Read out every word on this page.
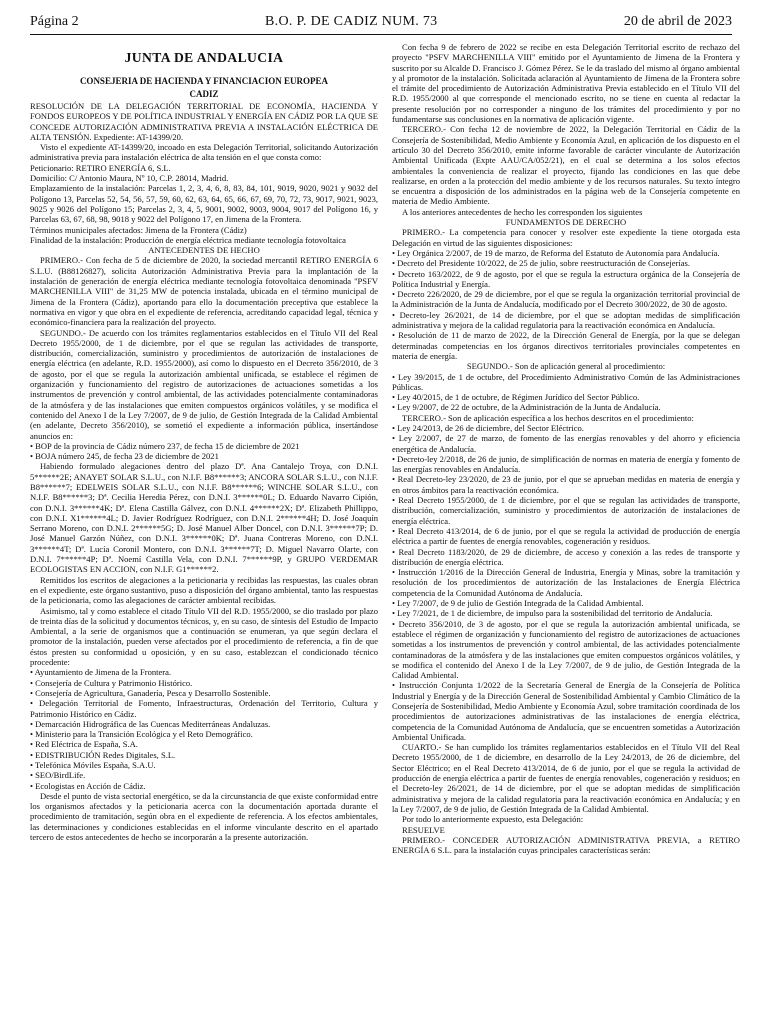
Página 2	B.O. P. DE CADIZ NUM. 73	20 de abril de 2023
JUNTA DE ANDALUCIA
CONSEJERIA DE HACIENDA Y FINANCIACION EUROPEA
CADIZ

RESOLUCIÓN DE LA DELEGACIÓN TERRITORIAL DE ECONOMÍA, HACIENDA Y FONDOS EUROPEOS Y DE POLÍTICA INDUSTRIAL Y ENERGÍA EN CÁDIZ POR LA QUE SE CONCEDE AUTORIZACIÓN ADMINISTRATIVA PREVIA A INSTALACIÓN ELÉCTRICA DE ALTA TENSIÓN. Expediente: AT-14399/20.

Visto el expediente AT-14399/20, incoado en esta Delegación Territorial, solicitando Autorización administrativa previa para instalación eléctrica de alta tensión en el que consta como:

Peticionario: RETIRO ENERGÍA 6, S.L.

Domicilio: C/ Antonio Maura, Nº 10, C.P. 28014, Madrid.

Emplazamiento de la instalación: Parcelas 1, 2, 3, 4, 6, 8, 83, 84, 101, 9019, 9020, 9021 y 9032 del Polígono 13, Parcelas 52, 54, 56, 57, 59, 60, 62, 63, 64, 65, 66, 67, 69, 70, 72, 73, 9017, 9021, 9023, 9025 y 9026 del Polígono 15; Parcelas 2, 3, 4, 5, 9001, 9002, 9003, 9004, 9017 del Polígono 16, y Parcelas 63, 67, 68, 98, 9018 y 9022 del Polígono 17, en Jimena de la Frontera.

Términos municipales afectados: Jimena de la Frontera (Cádiz)

Finalidad de la instalación: Producción de energía eléctrica mediante tecnología fotovoltaica

ANTECEDENTES DE HECHO

PRIMERO.- Con fecha de 5 de diciembre de 2020, la sociedad mercantil RETIRO ENERGÍA 6 S.L.U. (B88126827), solicita Autorización Administrativa Previa para la implantación de la instalación de generación de energía eléctrica mediante tecnología fotovoltaica denominada "PSFV MARCHENILLA VIII" de 31,25 MW de potencia instalada, ubicada en el término municipal de Jimena de la Frontera (Cádiz), aportando para ello la documentación preceptiva que establece la normativa en vigor y que obra en el expediente de referencia, acreditando capacidad legal, técnica y económico-financiera para la realización del proyecto.

SEGUNDO.- De acuerdo con los trámites reglamentarios establecidos en el Título VII del Real Decreto 1955/2000, de 1 de diciembre, por el que se regulan las actividades de transporte, distribución, comercialización, suministro y procedimientos de autorización de instalaciones de energía eléctrica (en adelante, R.D. 1955/2000), así como lo dispuesto en el Decreto 356/2010, de 3 de agosto, por el que se regula la autorización ambiental unificada, se establece el régimen de organización y funcionamiento del registro de autorizaciones de actuaciones sometidas a los instrumentos de prevención y control ambiental, de las actividades potencialmente contaminadoras de la atmósfera y de las instalaciones que emiten compuestos orgánicos volátiles, y se modifica el contenido del Anexo I de la Ley 7/2007, de 9 de julio, de Gestión Integrada de la Calidad Ambiental (en adelante, Decreto 356/2010), se sometió el expediente a información pública, insertándose anuncios en:

• BOP de la provincia de Cádiz número 237, de fecha 15 de diciembre de 2021

• BOJA número 245, de fecha 23 de diciembre de 2021

Habiendo formulado alegaciones dentro del plazo Dª. Ana Cantalejo Troya, con D.N.I. 5******2E; ANAYET SOLAR S.L.U., con N.I.F. B8******3; ANCORA SOLAR S.L.U., con N.I.F. B8******7; EDELWEIS SOLAR S.L.U., con N.I.F. B8******6; WINCHE SOLAR S.L.U., con N.I.F. B8******3; Dª. Cecilia Heredia Pérez, con D.N.I. 3******0L; D. Eduardo Navarro Cipión, con D.N.I. 3******4K; Dª. Elena Castilla Gálvez, con D.N.I. 4******2X; Dª. Elizabeth Phillippo, con D.N.I. X1******4L; D. Javier Rodríguez Rodríguez, con D.N.I. 2******4H; D. José Joaquín Serrano Moreno, con D.N.I. 2******5G; D. José Manuel Alber Doncel, con D.N.I. 3******7P; D. José Manuel Garzón Núñez, con D.N.I. 3******0K; Dª. Juana Contreras Moreno, con D.N.I. 3******4T; Dª. Lucía Coronil Montero, con D.N.I. 3******7T; D. Miguel Navarro Olarte, con D.N.I. 7******4P; Dª. Noemí Castilla Vela, con D.N.I. 7******9P, y GRUPO VERDEMAR ECOLOGISTAS EN ACCION, con N.I.F. G1******2.

Remitidos los escritos de alegaciones a la peticionaria y recibidas las respuestas, las cuales obran en el expediente, este órgano sustantivo, puso a disposición del órgano ambiental, tanto las respuestas de la peticionaria, como las alegaciones de carácter ambiental recibidas.

Asimismo, tal y como establece el citado Título VII del R.D. 1955/2000, se dio traslado por plazo de treinta días de la solicitud y documentos técnicos, y, en su caso, de síntesis del Estudio de Impacto Ambiental, a la serie de organismos que a continuación se enumeran, ya que según declara el promotor de la instalación, pueden verse afectados por el procedimiento de referencia, a fin de que éstos presten su conformidad u oposición, y en su caso, establezcan el condicionado técnico procedente:

• Ayuntamiento de Jimena de la Frontera.

• Consejería de Cultura y Patrimonio Histórico.

• Consejería de Agricultura, Ganadería, Pesca y Desarrollo Sostenible.

• Delegación Territorial de Fomento, Infraestructuras, Ordenación del Territorio, Cultura y Patrimonio Histórico en Cádiz.

• Demarcación Hidrográfica de las Cuencas Mediterráneas Andaluzas.

• Ministerio para la Transición Ecológica y el Reto Demográfico.

• Red Eléctrica de España, S.A.

• EDISTRIBUCIÓN Redes Digitales, S.L.

• Telefónica Móviles España, S.A.U.

• SEO/BirdLife.

• Ecologistas en Acción de Cádiz.

Desde el punto de vista sectorial energético, se da la circunstancia de que existe conformidad entre los organismos afectados y la peticionaria acerca con la documentación aportada durante el procedimiento de tramitación, según obra en el expediente de referencia. A los efectos ambientales, las determinaciones y condiciones establecidas en el informe vinculante descrito en el apartado tercero de estos antecedentes de hecho se incorporarán a la presente autorización.

Con fecha 9 de febrero de 2022 se recibe en esta Delegación Territorial escrito de rechazo del proyecto "PSFV MARCHENILLA VIII" emitido por el Ayuntamiento de Jimena de la Frontera y suscrito por su Alcalde D. Francisco J. Gómez Pérez. Se le da traslado del mismo al órgano ambiental y al promotor de la instalación. Solicitada aclaración al Ayuntamiento de Jimena de la Frontera sobre el trámite del procedimiento de Autorización Administrativa Previa establecido en el Título VII del R.D. 1955/2000 al que corresponde el mencionado escrito, no se tiene en cuenta al redactar la presente resolución por no corresponder a ninguno de los trámites del procedimiento y por no fundamentarse sus conclusiones en la normativa de aplicación vigente.

TERCERO.- Con fecha 12 de noviembre de 2022, la Delegación Territorial en Cádiz de la Consejería de Sostenibilidad, Medio Ambiente y Economía Azul, en aplicación de los dispuesto en el artículo 30 del Decreto 356/2010, emite informe favorable de carácter vinculante de Autorización Ambiental Unificada (Expte AAU/CA/052/21), en el cual se determina a los solos efectos ambientales la conveniencia de realizar el proyecto, fijando las condiciones en las que debe realizarse, en orden a la protección del medio ambiente y de los recursos naturales. Su texto íntegro se encuentra a disposición de los administrados en la página web de la Consejería competente en materia de Medio Ambiente.

A los anteriores antecedentes de hecho les corresponden los siguientes

FUNDAMENTOS DE DERECHO

PRIMERO.- La competencia para conocer y resolver este expediente la tiene otorgada esta Delegación en virtud de las siguientes disposiciones:

• Ley Orgánica 2/2007, de 19 de marzo, de Reforma del Estatuto de Autonomía para Andalucía.

• Decreto del Presidente 10/2022, de 25 de julio, sobre reestructuración de Consejerías.

• Decreto 163/2022, de 9 de agosto, por el que se regula la estructura orgánica de la Consejería de Política Industrial y Energía.

• Decreto 226/2020, de 29 de diciembre, por el que se regula la organización territorial provincial de la Administración de la Junta de Andalucía, modificado por el Decreto 300/2022, de 30 de agosto.

• Decreto-ley 26/2021, de 14 de diciembre, por el que se adoptan medidas de simplificación administrativa y mejora de la calidad regulatoria para la reactivación económica en Andalucía.

• Resolución de 11 de marzo de 2022, de la Dirección General de Energía, por la que se delegan determinadas competencias en los órganos directivos territoriales provinciales competentes en materia de energía.

SEGUNDO.- Son de aplicación general al procedimiento:

• Ley 39/2015, de 1 de octubre, del Procedimiento Administrativo Común de las Administraciones Públicas.

• Ley 40/2015, de 1 de octubre, de Régimen Jurídico del Sector Público.

• Ley 9/2007, de 22 de octubre, de la Administración de la Junta de Andalucía.

TERCERO.- Son de aplicación específica a los hechos descritos en el procedimiento:

• Ley 24/2013, de 26 de diciembre, del Sector Eléctrico.

• Ley 2/2007, de 27 de marzo, de fomento de las energías renovables y del ahorro y eficiencia energética de Andalucía.

• Decreto-ley 2/2018, de 26 de junio, de simplificación de normas en materia de energía y fomento de las energías renovables en Andalucía.

• Real Decreto-ley 23/2020, de 23 de junio, por el que se aprueban medidas en materia de energía y en otros ámbitos para la reactivación económica.

• Real Decreto 1955/2000, de 1 de diciembre, por el que se regulan las actividades de transporte, distribución, comercialización, suministro y procedimientos de autorización de instalaciones de energía eléctrica.

• Real Decreto 413/2014, de 6 de junio, por el que se regula la actividad de producción de energía eléctrica a partir de fuentes de energía renovables, cogeneración y residuos.

• Real Decreto 1183/2020, de 29 de diciembre, de acceso y conexión a las redes de transporte y distribución de energía eléctrica.

• Instrucción 1/2016 de la Dirección General de Industria, Energía y Minas, sobre la tramitación y resolución de los procedimientos de autorización de las Instalaciones de Energía Eléctrica competencia de la Comunidad Autónoma de Andalucía.

• Ley 7/2007, de 9 de julio de Gestión Integrada de la Calidad Ambiental.

• Ley 7/2021, de 1 de diciembre, de impulso para la sostenibilidad del territorio de Andalucía.

• Decreto 356/2010, de 3 de agosto, por el que se regula la autorización ambiental unificada, se establece el régimen de organización y funcionamiento del registro de autorizaciones de actuaciones sometidas a los instrumentos de prevención y control ambiental, de las actividades potencialmente contaminadoras de la atmósfera y de las instalaciones que emiten compuestos orgánicos volátiles, y se modifica el contenido del Anexo I de la Ley 7/2007, de 9 de julio, de Gestión Integrada de la Calidad Ambiental.

• Instrucción Conjunta 1/2022 de la Secretaría General de Energía de la Consejería de Política Industrial y Energía y de la Dirección General de Sostenibilidad Ambiental y Cambio Climático de la Consejería de Sostenibilidad, Medio Ambiente y Economía Azul, sobre tramitación coordinada de los procedimientos de autorizaciones administrativas de las instalaciones de energía eléctrica, competencia de la Comunidad Autónoma de Andalucía, que se encuentren sometidas a Autorización Ambiental Unificada.

CUARTO.- Se han cumplido los trámites reglamentarios establecidos en el Título VII del Real Decreto 1955/2000, de 1 de diciembre, en desarrollo de la Ley 24/2013, de 26 de diciembre, del Sector Eléctrico; en el Real Decreto 413/2014, de 6 de junio, por el que se regula la actividad de producción de energía eléctrica a partir de fuentes de energía renovables, cogeneración y residuos; en el Decreto-ley 26/2021, de 14 de diciembre, por el que se adoptan medidas de simplificación administrativa y mejora de la calidad regulatoria para la reactivación económica en Andalucía; y en la Ley 7/2007, de 9 de julio, de Gestión Integrada de la Calidad Ambiental.

Por todo lo anteriormente expuesto, esta Delegación:

RESUELVE

PRIMERO.- CONCEDER AUTORIZACIÓN ADMINISTRATIVA PREVIA, a RETIRO ENERGÍA 6 S.L. para la instalación cuyas principales características serán:
